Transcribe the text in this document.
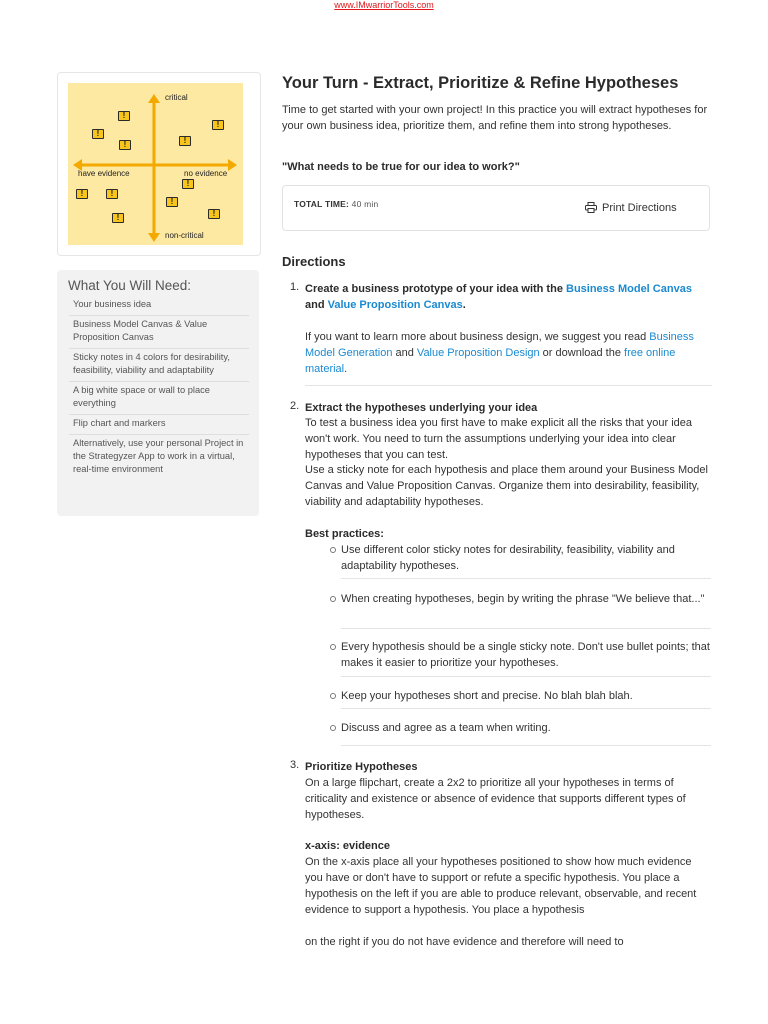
www.IMwarriorTools.com
critical
non-critical
have evidence	no evidence
!
!
!
!
!
!	!
!
!
!
!
What You Will Need:
Your business idea
Business Model Canvas & Value Proposition Canvas
Sticky notes in 4 colors for desirability, feasibility, viability and adaptability
A big white space or wall to place everything
Flip chart and markers
Alternatively, use your personal Project in the Strategyzer App to work in a virtual, real-time environment
Your Turn - Extract, Prioritize & Refine Hypotheses

Time to get started with your own project! In this practice you will extract hypotheses for your own business idea, prioritize them, and refine them into strong hypotheses.

"What needs to be true for our idea to work?"

TOTAL TIME: 40 min	Print Directions
Directions
1. Create a business prototype of your idea with the Business Model Canvas and Value Proposition Canvas.

If you want to learn more about business design, we suggest you read Business Model Generation and Value Proposition Design or download the free online material.

2. Extract the hypotheses underlying your idea

To test a business idea you first have to make explicit all the risks that your idea won't work. You need to turn the assumptions underlying your idea into clear hypotheses that you can test.

Use a sticky note for each hypothesis and place them around your Business Model Canvas and Value Proposition Canvas. Organize them into desirability, feasibility, viability and adaptability hypotheses.

Best practices:

Use different color sticky notes for desirability, feasibility, viability and adaptability hypotheses.

When creating hypotheses, begin by writing the phrase "We believe that..."

Every hypothesis should be a single sticky note. Don't use bullet points; that makes it easier to prioritize your hypotheses.

Keep your hypotheses short and precise. No blah blah blah.

Discuss and agree as a team when writing.

3. Prioritize Hypotheses

On a large flipchart, create a 2x2 to prioritize all your hypotheses in terms of criticality and existence or absence of evidence that supports different types of hypotheses.

x-axis: evidence

On the x-axis place all your hypotheses positioned to show how much evidence you have or don't have to support or refute a specific hypothesis. You place a hypothesis on the left if you are able to produce relevant, observable, and recent evidence to support a hypothesis. You place a hypothesis

on the right if you do not have evidence and therefore will need to
